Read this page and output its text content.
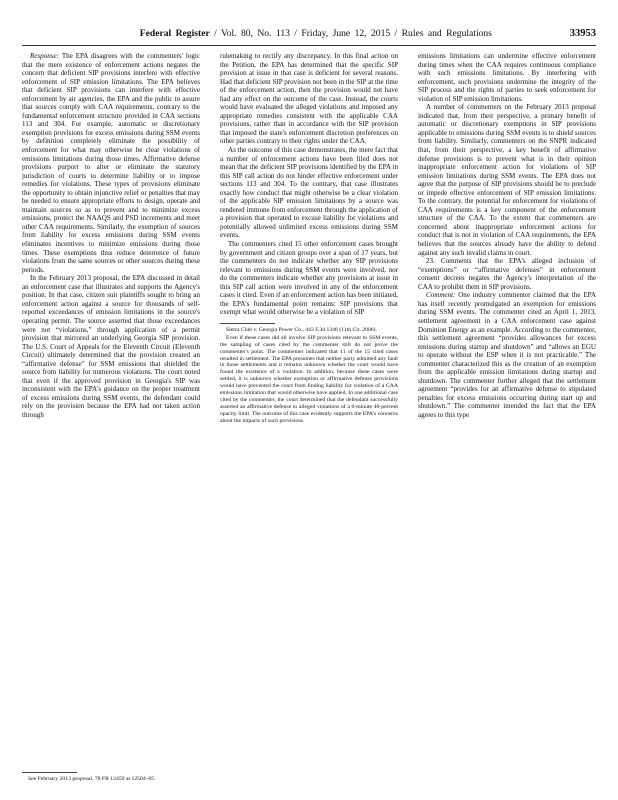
Federal Register / Vol. 80, No. 113 / Friday, June 12, 2015 / Rules and Regulations	33953

Response: The EPA disagrees with the commenters' logic that the mere existence of enforcement actions negates the concern that deficient SIP provisions interfere with effective enforcement of SIP emission limitations. The EPA believes that deficient SIP provisions can interfere with effective enforcement by air agencies, the EPA and the public to assure that sources comply with CAA requirements, contrary to the fundamental enforcement structure provided in CAA sections 113 and 304. For example, automatic or discretionary exemption provisions for excess emissions during SSM events by definition completely eliminate the possibility of enforcement for what may otherwise be clear violations of emissions limitations during those times. Affirmative defense provisions purport to alter or eliminate the statutory jurisdiction of courts to determine liability or to impose remedies for violations. These types of provisions eliminate the opportunity to obtain injunctive relief or penalties that may be needed to ensure appropriate efforts to design, operate and maintain sources so as to prevent and to minimize excess emissions, protect the NAAQS and PSD increments and meet other CAA requirements. Similarly, the exemption of sources from liability for excess emissions during SSM events eliminates incentives to minimize emissions during those times. These exemptions thus reduce deterrence of future violations from the same sources or other sources during these periods.

In the February 2013 proposal, the EPA discussed in detail an enforcement case that illustrates and supports the Agency's position. In that case, citizen suit plaintiffs sought to bring an enforcement action against a source for thousands of self-reported exceedances of emission limitations in the source's operating permit. The source asserted that those exceedances were not “violations,” through application of a permit provision that mirrored an underlying Georgia SIP provision. The U.S. Court of Appeals for the Eleventh Circuit (Eleventh Circuit) ultimately determined that the provision created an “affirmative defense” for SSM emissions that shielded the source from liability for numerous violations. The court noted that even if the approved provision in Georgia's SIP was inconsistent with the EPA's guidance on the proper treatment of excess emissions during SSM events, the defendant could rely on the provision because the EPA had not taken action through

See February 2013 proposal, 78 FR 12459 at 12504–05.

rulemaking to rectify any discrepancy. In this final action on the Petition, the EPA has determined that the specific SIP provision at issue in that case is deficient for several reasons. Had that deficient SIP provision not been in the SIP at the time of the enforcement action, then the provision would not have had any effect on the outcome of the case. Instead, the courts would have evaluated the alleged violations and imposed any appropriate remedies consistent with the applicable CAA provisions, rather than in accordance with the SIP provision that imposed the state's enforcement discretion preferences on other parties contrary to their rights under the CAA.

As the outcome of this case demonstrates, the mere fact that a number of enforcement actions have been filed does not mean that the deficient SIP provisions identified by the EPA in this SIP call action do not hinder effective enforcement under sections 113 and 304. To the contrary, that case illustrates exactly how conduct that might otherwise be a clear violation of the applicable SIP emission limitations by a source was rendered immune from enforcement through the application of a provision that operated to excuse liability for violations and potentially allowed unlimited excess emissions during SSM events.

The commenters cited 15 other enforcement cases brought by government and citizen groups over a span of 17 years, but the commenters do not indicate whether any SIP provisions relevant to emissions during SSM events were involved, nor do the commenters indicate whether any provisions at issue in this SIP call action were involved in any of the enforcement cases it cited. Even if an enforcement action has been initiated, the EPA's fundamental point remains: SIP provisions that exempt what would otherwise be a violation of SIP

Sierra Club v. Georgia Power Co., 443 F.3d 1346 (11th Cir. 2006).

Even if these cases did all involve SIP provisions relevant to SSM events, the sampling of cases cited by the commenter still do not prove the commenter's point. The commenter indicated that 11 of the 15 cited cases resulted in settlement. The EPA presumes that neither party admitted any fault in those settlements and it remains unknown whether the court would have found the existence of a violation. In addition, because these cases were settled, it is unknown whether exemption or affirmative defense provisions would have prevented the court from finding liability for violation of a CAA emissions limitation that would otherwise have applied. In one additional case cited by the commenter, the court determined that the defendant successfully asserted an affirmative defense to alleged violations of a 6-minute 40-percent opacity limit. The outcome of this case evidently supports the EPA's concerns about the impacts of such provisions.

emissions limitations can undermine effective enforcement during times when the CAA requires continuous compliance with such emissions limitations. By interfering with enforcement, such provisions undermine the integrity of the SIP process and the rights of parties to seek enforcement for violation of SIP emission limitations.

A number of commenters on the February 2013 proposal indicated that, from their perspective, a primary benefit of automatic or discretionary exemptions in SIP provisions applicable to emissions during SSM events is to shield sources from liability. Similarly, commenters on the SNPR indicated that, from their perspective, a key benefit of affirmative defense provisions is to prevent what is in their opinion inappropriate enforcement action for violations of SIP emission limitations during SSM events. The EPA does not agree that the purpose of SIP provisions should be to preclude or impede effective enforcement of SIP emission limitations. To the contrary, the potential for enforcement for violations of CAA requirements is a key component of the enforcement structure of the CAA. To the extent that commenters are concerned about inappropriate enforcement actions for conduct that is not in violation of CAA requirements, the EPA believes that the sources already have the ability to defend against any such invalid claims in court.

23. Comments that the EPA's alleged inclusion of “exemptions” or “affirmative defenses” in enforcement consent decrees negates the Agency's interpretation of the CAA to prohibit them in SIP provisions.

Comment: One industry commenter claimed that the EPA has itself recently promulgated an exemption for emissions during SSM events. The commenter cited an April 1, 2013, settlement agreement in a CAA enforcement case against Dominion Energy as an example. According to the commenter, this settlement agreement “provides allowances for excess emissions during startup and shutdown” and “allows an EGU to operate without the ESP when it is not practicable.” The commenter characterized this as the creation of an exemption from the applicable emission limitations during startup and shutdown. The commenter further alleged that the settlement agreement “provides for an affirmative defense to stipulated penalties for excess emissions occurring during start up and shutdown.” The commenter intended the fact that the EPA agrees to this type
